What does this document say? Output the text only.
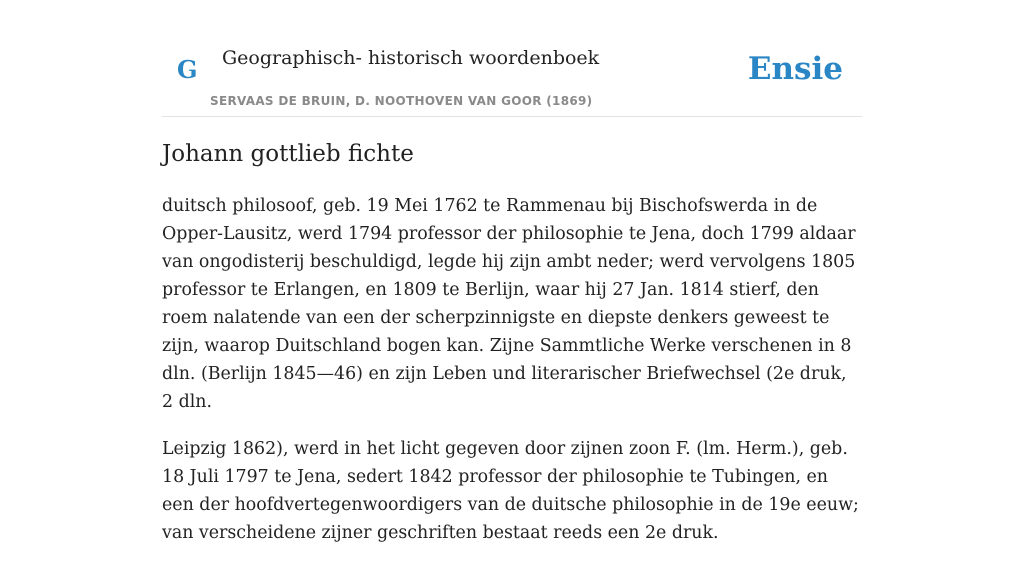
G Geographisch- historisch woordenboek
SERVAAS DE BRUIN, D. NOOTHOVEN VAN GOOR (1869)
Ensie
Johann gottlieb fichte

duitsch philosoof, geb. 19 Mei 1762 te Rammenau bij Bischofswerda in de Opper-Lausitz, werd 1794 professor der philosophie te Jena, doch 1799 aldaar van ongodisterij beschuldigd, legde hij zijn ambt neder; werd vervolgens 1805 professor te Erlangen, en 1809 te Berlijn, waar hij 27 Jan. 1814 stierf, den roem nalatende van een der scherpzinnigste en diepste denkers geweest te zijn, waarop Duitschland bogen kan. Zijne Sammtliche Werke verschenen in 8 dln. (Berlijn 1845—46) en zijn Leben und literarischer Briefwechsel (2e druk, 2 dln.

Leipzig 1862), werd in het licht gegeven door zijnen zoon F. (lm. Herm.), geb. 18 Juli 1797 te Jena, sedert 1842 professor der philosophie te Tubingen, en een der hoofdvertegenwoordigers van de duitsche philosophie in de 19e eeuw; van verscheidene zijner geschriften bestaat reeds een 2e druk.
